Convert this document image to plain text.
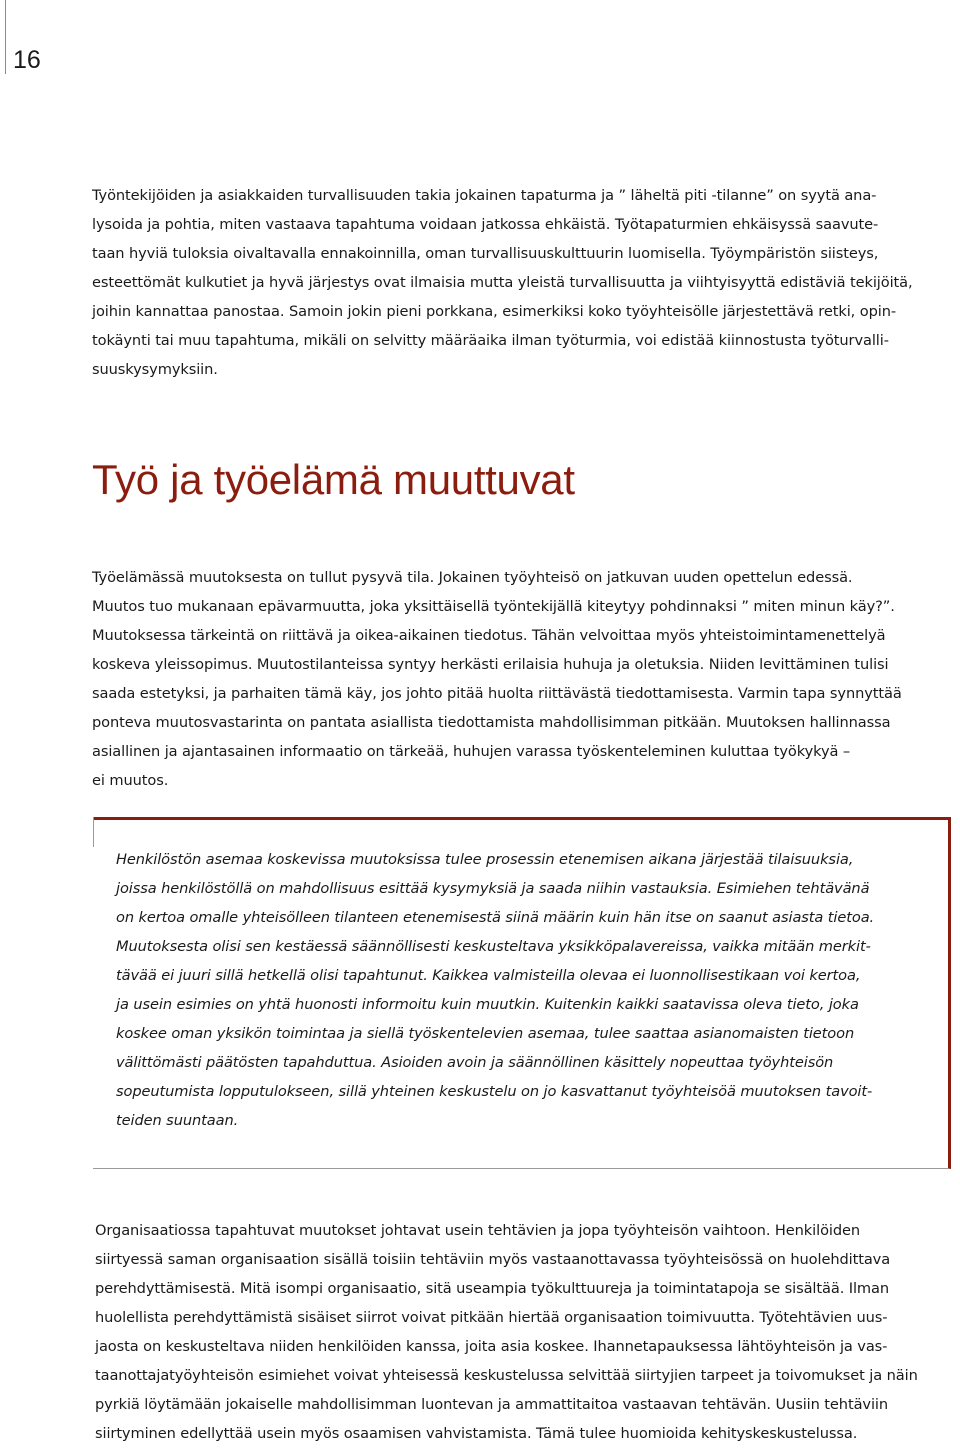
16

Työntekijöiden ja asiakkaiden turvallisuuden takia jokainen tapaturma ja ” läheltä piti -tilanne” on syytä ana-
lysoida ja pohtia, miten vastaava tapahtuma voidaan jatkossa ehkäistä. Työtapaturmien ehkäisyssä saavute-
taan hyviä tuloksia oivaltavalla ennakoinnilla, oman turvallisuuskulttuurin luomisella. Työympäristön siisteys,
esteettömät kulkutiet ja hyvä järjestys ovat ilmaisia mutta yleistä turvallisuutta ja viihtyisyyttä edistäviä tekijöitä,
joihin kannattaa panostaa. Samoin jokin pieni porkkana, esimerkiksi koko työyhteisölle järjestettävä retki, opin-
tokäynti tai muu tapahtuma, mikäli on selvitty määräaika ilman työturmia, voi edistää kiinnostusta työturvalli-
suuskysymyksiin.

Työ ja työelämä muuttuvat

Työelämässä muutoksesta on tullut pysyvä tila. Jokainen työyhteisö on jatkuvan uuden opettelun edessä.
Muutos tuo mukanaan epävarmuutta, joka yksittäisellä työntekijällä kiteytyy pohdinnaksi ” miten minun käy?”.
Muutoksessa tärkeintä on riittävä ja oikea-aikainen tiedotus. Tähän velvoittaa myös yhteistoimintamenettelyä
koskeva yleissopimus. Muutostilanteissa syntyy herkästi erilaisia huhuja ja oletuksia. Niiden levittäminen tulisi
saada estetyksi, ja parhaiten tämä käy, jos johto pitää huolta riittävästä tiedottamisesta. Varmin tapa synnyttää
ponteva muutosvastarinta on pantata asiallista tiedottamista mahdollisimman pitkään. Muutoksen hallinnassa
asiallinen ja ajantasainen informaatio on tärkeää, huhujen varassa työskenteleminen kuluttaa työkykyä –
ei muutos.

Henkilöstön asemaa koskevissa muutoksissa tulee prosessin etenemisen aikana järjestää tilaisuuksia,
joissa henkilöstöllä on mahdollisuus esittää kysymyksiä ja saada niihin vastauksia. Esimiehen tehtävänä
on kertoa omalle yhteisölleen tilanteen etenemisestä siinä määrin kuin hän itse on saanut asiasta tietoa.
Muutoksesta olisi sen kestäessä säännöllisesti keskusteltava yksikköpalavereissa, vaikka mitään merkit-
tävää ei juuri sillä hetkellä olisi tapahtunut. Kaikkea valmisteilla olevaa ei luonnollisestikaan voi kertoa,
ja usein esimies on yhtä huonosti informoitu kuin muutkin. Kuitenkin kaikki saatavissa oleva tieto, joka
koskee oman yksikön toimintaa ja siellä työskentelevien asemaa, tulee saattaa asianomaisten tietoon
välittömästi päätösten tapahduttua. Asioiden avoin ja säännöllinen käsittely nopeuttaa työyhteisön
sopeutumista lopputulokseen, sillä yhteinen keskustelu on jo kasvattanut työyhteisöä muutoksen tavoit-
teiden suuntaan.

Organisaatiossa tapahtuvat muutokset johtavat usein tehtävien ja jopa työyhteisön vaihtoon. Henkilöiden
siirtyessä saman organisaation sisällä toisiin tehtäviin myös vastaanottavassa työyhteisössä on huolehdittava
perehdyttämisestä. Mitä isompi organisaatio, sitä useampia työkulttuureja ja toimintatapoja se sisältää. Ilman
huolellista perehdyttämistä sisäiset siirrot voivat pitkään hiertää organisaation toimivuutta. Työtehtävien uus-
jaosta on keskusteltava niiden henkilöiden kanssa, joita asia koskee. Ihannetapauksessa lähtöyhteisön ja vas-
taanottajatyöyhteisön esimiehet voivat yhteisessä keskustelussa selvittää siirtyjien tarpeet ja toivomukset ja näin
pyrkiä löytämään jokaiselle mahdollisimman luontevan ja ammattitaitoa vastaavan tehtävän. Uusiin tehtäviin
siirtyminen edellyttää usein myös osaamisen vahvistamista. Tämä tulee huomioida kehityskeskustelussa.
